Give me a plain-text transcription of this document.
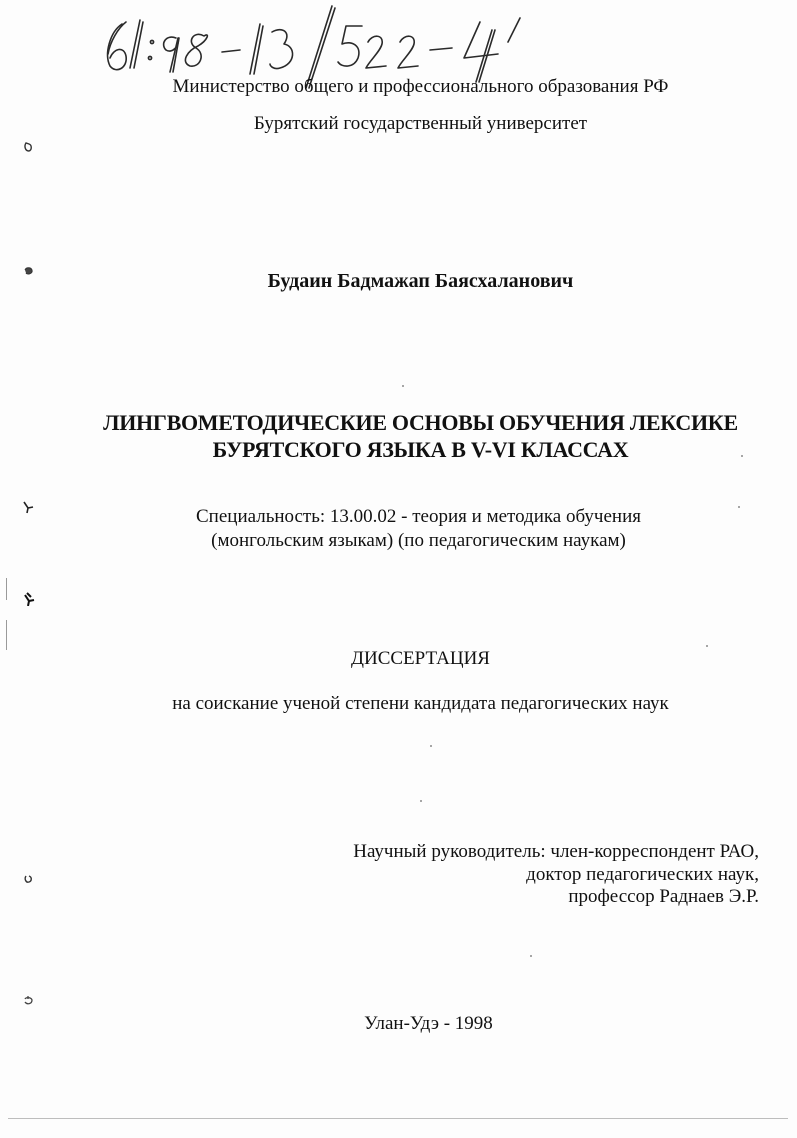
Министерство общего и профессионального образования РФ
Бурятский государственный университет
Будаин Бадмажап Баясхаланович
ЛИНГВОМЕТОДИЧЕСКИЕ ОСНОВЫ ОБУЧЕНИЯ ЛЕКСИКЕ
БУРЯТСКОГО ЯЗЫКА В V-VI КЛАССАХ
Специальность: 13.00.02 - теория и методика обучения
(монгольским языкам) (по педагогическим наукам)
ДИССЕРТАЦИЯ
на соискание ученой степени кандидата педагогических наук
Научный руководитель: член-корреспондент РАО,
доктор педагогических наук,
профессор Раднаев Э.Р.
Улан-Удэ - 1998
